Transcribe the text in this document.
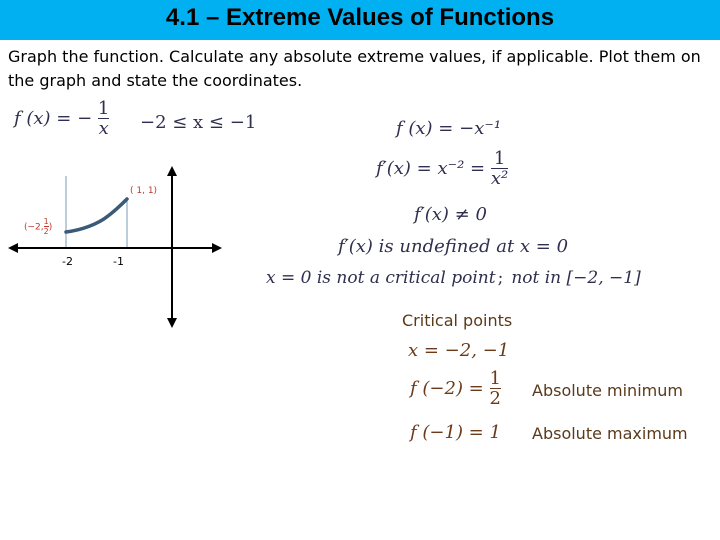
4.1 – Extreme Values of Functions
Graph the function. Calculate any absolute extreme values, if applicable. Plot them on the graph and state the coordinates.
f (x) = − $\frac{1}{x} -2 \le x \le -1$
-2	-1
( 1, 1)
(−2, $\frac{1}{2}$ )
f (x) = −x⁻¹
$f'(x) = x^{-2} = \frac{1}{\text{x²}}$
f′(x) ≠ 0
f′(x) is undefined at x = 0
x = 0 is not a critical point ; not in [−2, −1]
Critical points
x = −2, −1
f $(-2) = \frac{1}{2}$ Absolute minimum
f (−1) = 1 Absolute maximum
